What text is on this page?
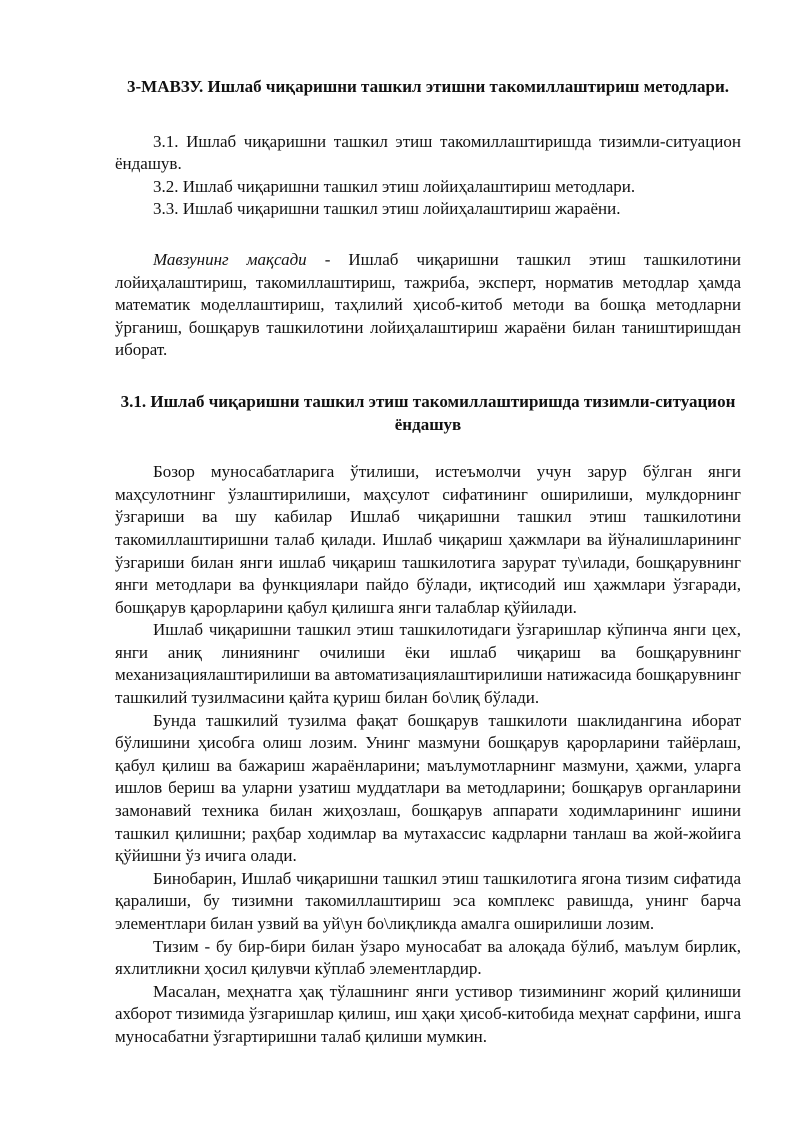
3-МАВЗУ. Ишлаб чиқаришни ташкил этишни такомиллаштириш методлари.

3.1. Ишлаб чиқаришни ташкил этиш такомиллаштиришда тизимли-ситуацион ёндашув.

3.2. Ишлаб чиқаришни ташкил этиш лойиҳалаштириш методлари.

3.3. Ишлаб чиқаришни ташкил этиш лойиҳалаштириш жараёни.

Мавзунинг мақсади - Ишлаб чиқаришни ташкил этиш ташкилотини лойиҳалаштириш, такомиллаштириш, тажриба, эксперт, норматив методлар ҳамда математик моделлаштириш, таҳлилий ҳисоб-китоб методи ва бошқа методларни ўрганиш, бошқарув ташкилотини лойиҳалаштириш жараёни билан таништиришдан иборат.

3.1. Ишлаб чиқаришни ташкил этиш такомиллаштиришда тизимли-ситуацион ёндашув

Бозор муносабатларига ўтилиши, истеъмолчи учун зарур бўлган янги маҳсулотнинг ўзлаштирилиши, маҳсулот сифатининг оширилиши, мулкдорнинг ўзгариши ва шу кабилар Ишлаб чиқаришни ташкил этиш ташкилотини такомиллаштиришни талаб қилади. Ишлаб чиқариш ҳажмлари ва йўналишларининг ўзгариши билан янги ишлаб чиқариш ташкилотига зарурат ту\илади, бошқарувнинг янги методлари ва функциялари пайдо бўлади, иқтисодий иш ҳажмлари ўзгаради, бошқарув қарорларини қабул қилишга янги талаблар қўйилади.

Ишлаб чиқаришни ташкил этиш ташкилотидаги ўзгаришлар кўпинча янги цех, янги аниқ линиянинг очилиши ёки ишлаб чиқариш ва бошқарувнинг механизациялаштирилиши ва автоматизациялаштирилиши натижасида бошқарувнинг ташкилий тузилмасини қайта қуриш билан бо\лиқ бўлади.

Бунда ташкилий тузилма фақат бошқарув ташкилоти шаклидангина иборат бўлишини ҳисобга олиш лозим. Унинг мазмуни бошқарув қарорларини тайёрлаш, қабул қилиш ва бажариш жараёнларини; маълумотларнинг мазмуни, ҳажми, уларга ишлов бериш ва уларни узатиш муддатлари ва методларини; бошқарув органларини замонавий техника билан жиҳозлаш, бошқарув аппарати ходимларининг ишини ташкил қилишни; раҳбар ходимлар ва мутахассис кадрларни танлаш ва жой-жойига қўйишни ўз ичига олади.

Бинобарин, Ишлаб чиқаришни ташкил этиш ташкилотига ягона тизим сифатида қаралиши, бу тизимни такомиллаштириш эса комплекс равишда, унинг барча элементлари билан узвий ва уй\ун бо\лиқликда амалга оширилиши лозим.

Тизим - бу бир-бири билан ўзаро муносабат ва алоқада бўлиб, маълум бирлик, яхлитликни ҳосил қилувчи кўплаб элементлардир.

Масалан, меҳнатга ҳақ тўлашнинг янги устивор тизимининг жорий қилиниши ахборот тизимида ўзгаришлар қилиш, иш ҳақи ҳисоб-китобида меҳнат сарфини, ишга муносабатни ўзгартиришни талаб қилиши мумкин.
